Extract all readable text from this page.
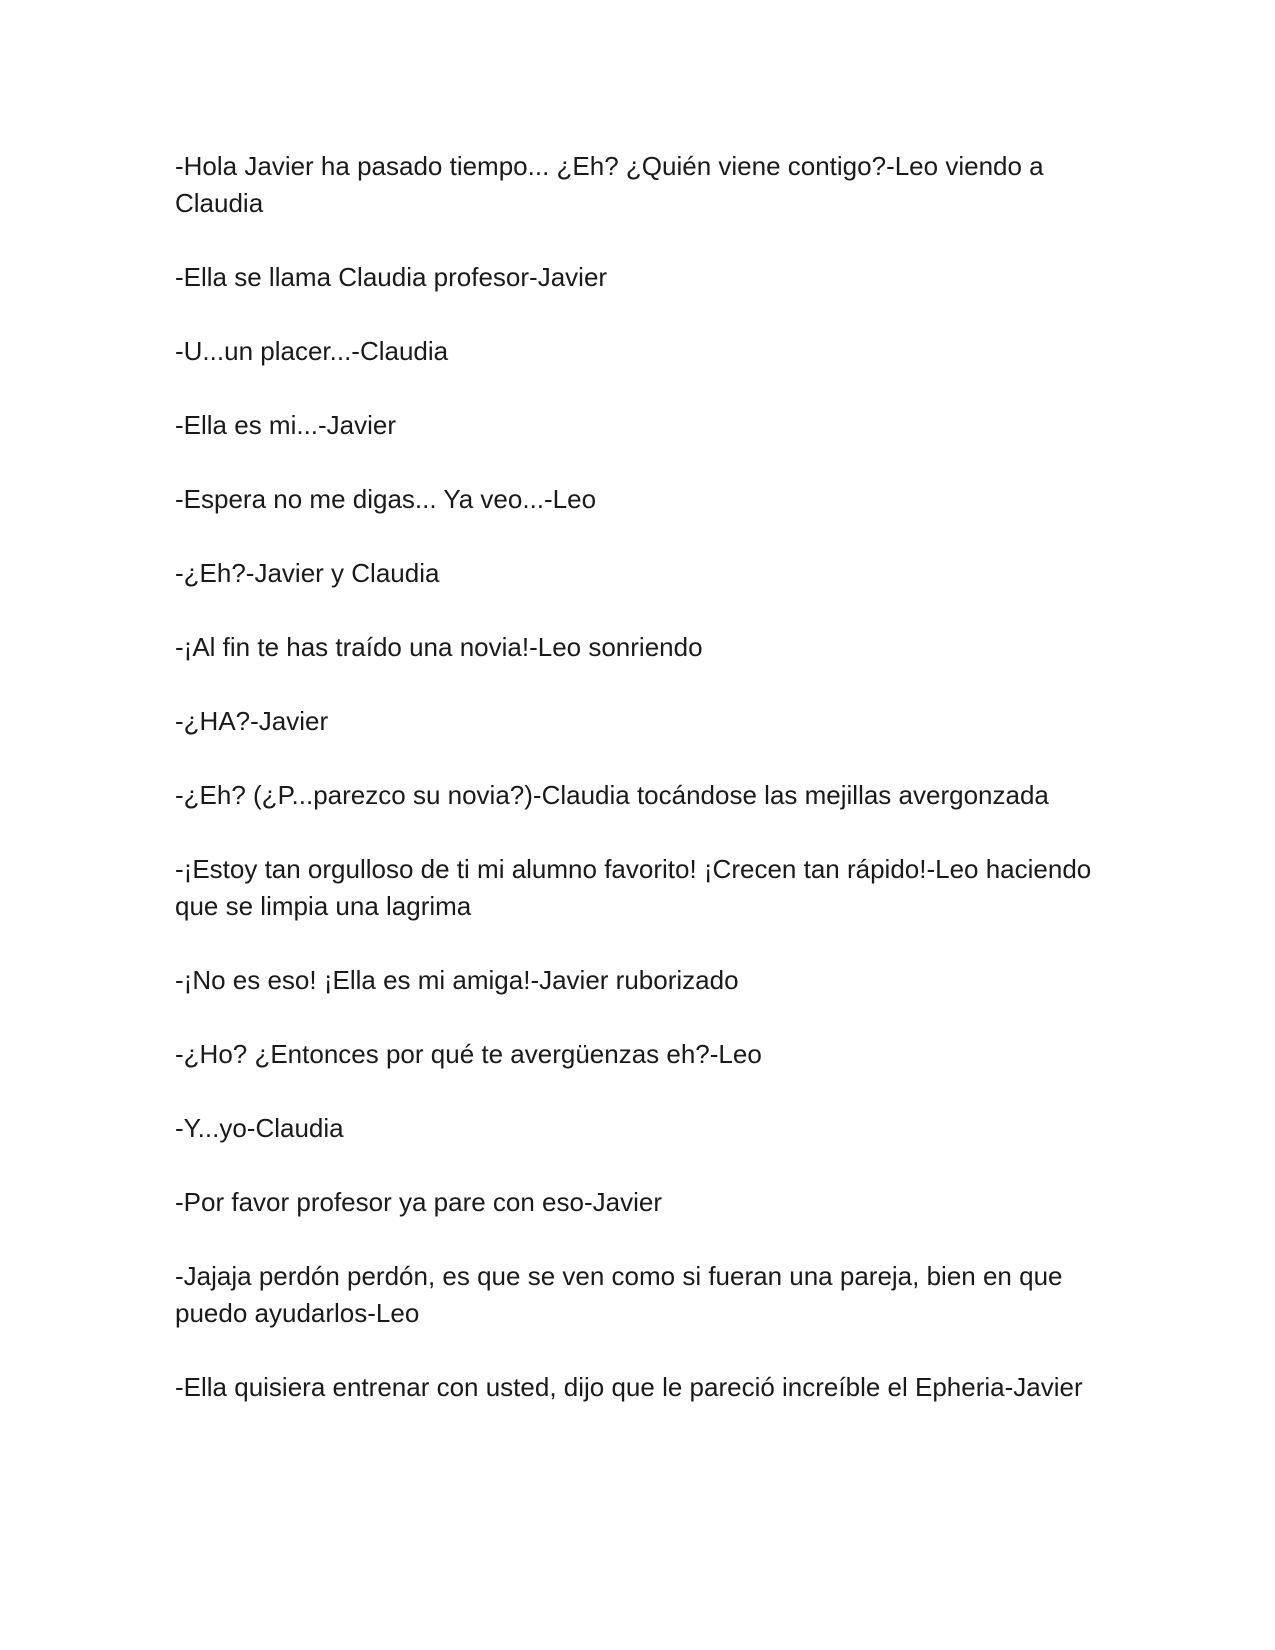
-Hola Javier ha pasado tiempo... ¿Eh? ¿Quién viene contigo?-Leo viendo a Claudia

-Ella se llama Claudia profesor-Javier

-U...un placer...-Claudia

-Ella es mi...-Javier

-Espera no me digas... Ya veo...-Leo

-¿Eh?-Javier y Claudia

-¡Al fin te has traído una novia!-Leo sonriendo

-¿HA?-Javier

-¿Eh? (¿P...parezco su novia?)-Claudia tocándose las mejillas avergonzada

-¡Estoy tan orgulloso de ti mi alumno favorito! ¡Crecen tan rápido!-Leo haciendo que se limpia una lagrima

-¡No es eso! ¡Ella es mi amiga!-Javier ruborizado

-¿Ho? ¿Entonces por qué te avergüenzas eh?-Leo

-Y...yo-Claudia

-Por favor profesor ya pare con eso-Javier

-Jajaja perdón perdón, es que se ven como si fueran una pareja, bien en que puedo ayudarlos-Leo

-Ella quisiera entrenar con usted, dijo que le pareció increíble el Epheria-Javier
